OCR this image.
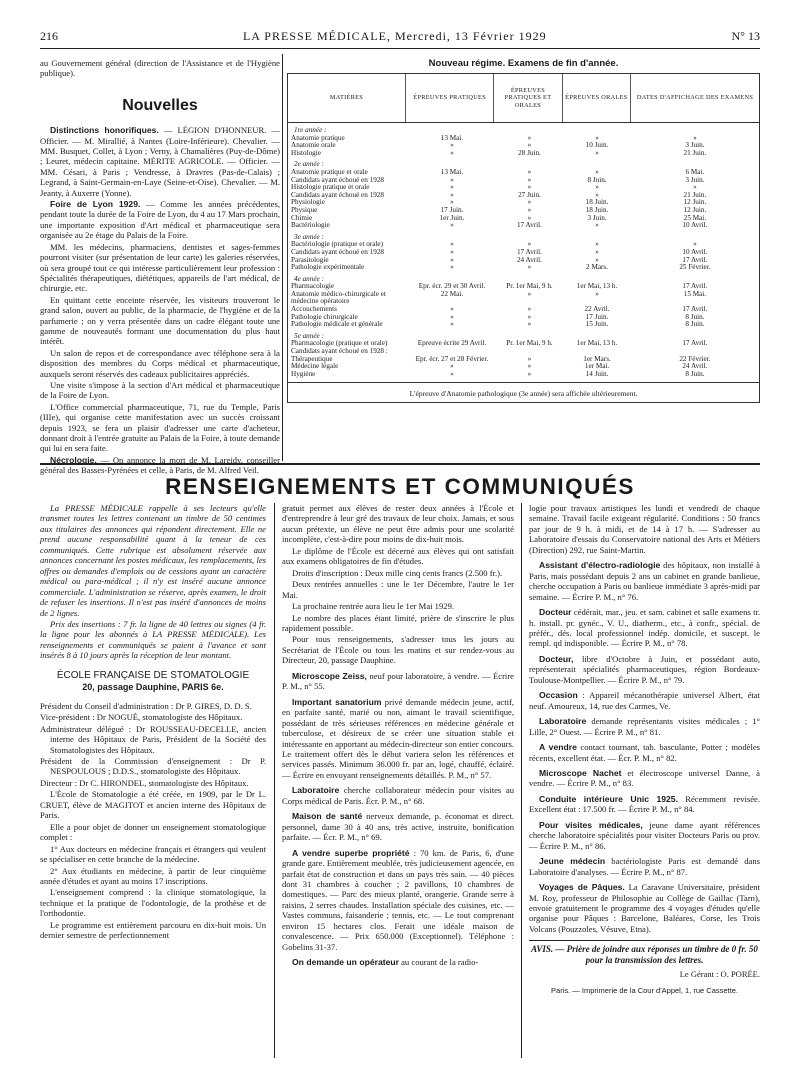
216	LA PRESSE MÉDICALE, Mercredi, 13 Février 1929	N° 13

au Gouvernement général (direction de l'Assistance et de l'Hygiène publique).

Nouvelles

Distinctions honorifiques. — LÉGION D'HONNEUR. — Officier. — M. Mirallié, à Nantes (Loire-Inférieure). Chevalier. — MM. Busquet, Collet, à Lyon ; Verny, à Chamalières (Puy-de-Dôme) ; Leuret, médecin capitaine. MÉRITE AGRICOLE. — Officier. — MM. Césari, à Paris ; Vendresse, à Dravres (Pas-de-Calais) ; Legrand, à Saint-Germain-en-Laye (Seine-et-Oise). Chevalier. — M. Jeanty, à Auxerre (Yonne).

Foire de Lyon 1929. — Comme les années précédentes, pendant toute la durée de la Foire de Lyon, du 4 au 17 Mars prochain, une importante exposition d'Art médical et pharmaceutique sera organisée au 2e étage du Palais de la Foire.

MM. les médecins, pharmaciens, dentistes et sages-femmes pourront visiter (sur présentation de leur carte) les galeries réservées, où sera groupé tout ce qui intéresse particulièrement leur profession : Spécialités thérapeutiques, diététiques, appareils de l'art médical, de chirurgie, etc.

En quittant cette enceinte réservée, les visiteurs trouveront le grand salon, ouvert au public, de la pharmacie, de l'hygiène et de la parfumerie ; on y verra présentée dans un cadre élégant toute une gamme de nouveautés formant une documentation du plus haut intérêt.

Un salon de repos et de correspondance avec téléphone sera à la disposition des membres du Corps médical et pharmaceutique, auxquels seront réservés des cadeaux publicitaires appréciés.

Une visite s'impose à la section d'Art médical et pharmaceutique de la Foire de Lyon.

L'Office commercial pharmaceutique, 71, rue du Temple, Paris (IIIe), qui organise cette manifestation avec un succès croissant depuis 1923, se fera un plaisir d'adresser une carte d'acheteur, donnant droit à l'entrée gratuite au Palais de la Foire, à toute demande qui lui en sera faite.

Nécrologie. — On annonce la mort de M. Lareidy, conseiller général des Basses-Pyrénées et celle, à Paris, de M. Alfred Veil.

Nouveau régime. Examens de fin d'année.
MATIÈRES	ÉPREUVES PRATIQUES
ÉPREUVES PRATIQUES ET ORALES
ÉPREUVES ORALES	DATES D'AFFICHAGE DES EXAMENS
1re année :
Anatomie pratique	13 Mai.	»	»	»
Anatomie orale	»	»	10 Juin.	3 Juin.
Histologie	»	28 Juin.	»	21 Juin.
2e année :
Anatomie pratique et orale	13 Mai.	»	»	6 Mai.
Candidats ayant échoué en 1928	»	»	8 Juin.	3 Juin.
Histologie pratique et orale	»	»	»	»
Candidats ayant échoué en 1928	»	27 Juin.	»	21 Juin.
Physiologie	»	»	18 Juin.	12 Juin.
Physique	17 Juin.	»	18 Juin.	12 Juin.
Chimie	1er Juin.	»	3 Juin.	25 Mai.
Bactériologie	»	17 Avril.	»	10 Avril.
3e année :
Bactériologie (pratique et orale)	»	»	»	»
Candidats ayant échoué en 1928	»	17 Avril.	»	10 Avril.
Parasitologie	»	24 Avril.	»	17 Avril.
Pathologie expérimentale	»	»	2 Mars.	25 Février.
4e année :
Pharmacologie	Épr. écr. 29 et 30 Avril.	Pr. 1er Mai, 9 h.	1er Mai, 13 h.	17 Avril.
Anatomie médico-chirurgicale et médecine opératoire
22 Mai.	»	»	15 Mai.
Accouchements	»	»	22 Avril.	17 Avril.
Pathologie chirurgicale	»	»	17 Juin.	8 Juin.
Pathologie médicale et générale	»	»	15 Juin.	8 Juin.
5e année :
Pharmacologie (pratique et orale)	Épreuve écrite 29 Avril.	Pr. 1er Mai, 9 h.	1er Mai, 13 h.	17 Avril.
Candidats ayant échoué en 1928 :
Thérapeutique	Épr. écr. 27 et 28 Février.	»	1er Mars.	22 Février.
Médecine légale	»	»	1er Mai.	24 Avril.
Hygiène	»	»	14 Juin.	8 Juin.
L'épreuve d'Anatomie pathologique (3e année) sera affichée ultérieurement.
RENSEIGNEMENTS ET COMMUNIQUÉS

La PRESSE MÉDICALE rappelle à ses lecteurs qu'elle transmet toutes les lettres contenant un timbre de 50 centimes aux titulaires des annonces qui répondent directement. Elle ne prend aucune responsabilité quant à la teneur de ces communiqués. Cette rubrique est absolument réservée aux annonces concernant les postes médicaux, les remplacements, les offres ou demandes d'emplois ou de cessions ayant un caractère médical ou para-médical ; il n'y est inséré aucune annonce commerciale. L'administration se réserve, après examen, le droit de refuser les insertions. Il n'est pas inséré d'annonces de moins de 2 lignes.

Prix des insertions : 7 fr. la ligne de 40 lettres ou signes (4 fr. la ligne pour les abonnés à LA PRESSE MÉDICALE). Les renseignements et communiqués se paient à l'avance et sont insérés 8 à 10 jours après la réception de leur montant.

ÉCOLE FRANÇAISE DE STOMATOLOGIE
20, passage Dauphine, PARIS 6e.

Président du Conseil d'administration : Dr P. GIRES, D. D. S.

Vice-président : Dr NOGUÉ, stomatologiste des Hôpitaux.

Administrateur délégué : Dr ROUSSEAU-DECELLE, ancien interne des Hôpitaux de Paris, Président de la Société des Stomatologistes des Hôpitaux.

Président de la Commission d'enseignement : Dr P. NESPOULOUS ; D.D.S., stomatologiste des Hôpitaux.

Directeur : Dr C. HIRONDEL, stomatologiste des Hôpitaux.

L'École de Stomatologie a été créée, en 1909, par le Dr L. CRUET, élève de MAGITOT et ancien interne des Hôpitaux de Paris.

Elle a pour objet de donner un enseignement stomatologique complet :

1° Aux docteurs en médecine français et étrangers qui veulent se spécialiser en cette branche de la médecine.

2° Aux étudiants en médecine, à partir de leur cinquième année d'études et ayant au moins 17 inscriptions.

L'enseignement comprend : la clinique stomatologique, la technique et la pratique de l'odontologie, de la prothèse et de l'orthodontie.

Le programme est entièrement parcouru en dix-huit mois. Un dernier semestre de perfectionnement

gratuit permet aux élèves de rester deux années à l'École et d'entreprendre à leur gré des travaux de leur choix. Jamais, et sous aucun prétexte, un élève ne peut être admis pour une scolarité incomplète, c'est-à-dire pour moins de dix-huit mois.

Le diplôme de l'École est décerné aux élèves qui ont satisfait aux examens obligatoires de fin d'études.

Droits d'inscription : Deux mille cinq cents francs (2.500 fr.).

Deux rentrées annuelles : une le 1er Décembre, l'autre le 1er Mai.

La prochaine rentrée aura lieu le 1er Mai 1929.

Le nombre des places étant limité, prière de s'inscrire le plus rapidement possible.

Pour tous renseignements, s'adresser tous les jours au Secrétariat de l'École ou tous les matins et sur rendez-vous au Directeur, 20, passage Dauphine.

Microscope Zeiss, neuf pour laboratoire, à vendre. — Écrire P. M., n° 55.

Important sanatorium privé demande médecin jeune, actif, en parfaite santé, marié ou non, aimant le travail scientifique, possédant de très sérieuses références en médecine générale et tuberculose, et désireux de se créer une situation stable et intéressante en apportant au médecin-directeur son entier concours. Le traitement offert dès le début variera selon les références et services passés. Minimum 36.000 fr. par an, logé, chauffé, éclairé. — Écrire en envoyant renseignements détaillés. P. M., n° 57.

Laboratoire cherche collaborateur médecin pour visites au Corps médical de Paris. Écr. P. M., n° 68.

Maison de santé nerveux demande, p. économat et direct. personnel, dame 30 à 40 ans, très active, instruite, bonification parfaite. — Écr. P. M., n° 69.

A vendre superbe propriété : 70 km. de Paris, 6, d'une grande gare. Entièrement meublée, très judicieusement agencée, en parfait état de construction et dans un pays très sain. — 40 pièces dont 31 chambres à coucher ; 2 pavillons, 10 chambres de domestiques. — Parc des mieux planté, orangerie. Grande serre à raisins, 2 serres chaudes. Installation spéciale des cuisines, etc. — Vastes communs, faisanderie ; tennis, etc. — Le tout comprenant environ 15 hectares clos. Ferait une idéale maison de convalescence. — Prix 650.000 (Exceptionnel). Téléphone : Gobelins 31-37.

On demande un opérateur au courant de la radio-

logie pour travaux artistiques les lundi et vendredi de chaque semaine. Travail facile exigeant régularité. Conditions : 50 francs par jour de 9 h. à midi, et de 14 à 17 h. — S'adresser au Laboratoire d'essais du Conservatoire national des Arts et Métiers (Direction) 292, rue Saint-Martin.

Assistant d'électro-radiologie des hôpitaux, non installé à Paris, mais possédant depuis 2 ans un cabinet en grande banlieue, cherche occupation à Paris ou banlieue immédiate 3 après-midi par semaine. — Écrire P. M., n° 76.

Docteur cédérait, mar., jeu. et sam. cabinet et salle examens tr. h. install. pr. gynéc., V. U., diatherm., etc., à confr., spécial. de préfér., dés. local professionnel indép. domicile, et suscept. le rempl. qd indisponible. — Écrire P. M., n° 78.

Docteur, libre d'Octobre à Juin, et possédant auto, représenterait spécialités pharmaceutiques, région Bordeaux-Toulouse-Montpellier. — Écrire P. M., n° 79.

Occasion : Appareil mécanothérapie universel Albert, état neuf. Amoureux, 14, rue des Carmes, Ve.

Laboratoire demande représentants visites médicales ; 1° Lille, 2° Ouest. — Écrire P. M., n° 81.

A vendre contact tournant, tab. basculante, Potter ; modèles récents, excellent état. — Écr. P. M., n° 82.

Microscope Nachet et électroscope universel Danne, à vendre. — Écrire P. M., n° 83.

Conduite intérieure Unic 1925. Récemment revisée. Excellent état : 17.500 fr. — Écrire P. M., n° 84.

Pour visites médicales, jeune dame ayant références cherche laboratoire spécialités pour visiter Docteurs Paris ou prov. — Écrire P. M., n° 86.

Jeune médecin bactériologiste Paris est demandé dans Laboratoire d'analyses. — Écrire P. M., n° 87.

Voyages de Pâques. La Caravane Universitaire, président M. Roy, professeur de Philosophie au Collège de Gaillac (Tarn), envoie gratuitement le programme des 4 voyages d'études qu'elle organise pour Pâques : Barcelone, Baléares, Corse, les Trois Volcans (Pouzzoles, Vésuve, Etna).

AVIS. — Prière de joindre aux réponses un timbre de 0 fr. 50 pour la transmission des lettres.
Le Gérant : O. PORÉE.
Paris. — Imprimerie de la Cour d'Appel, 1, rue Cassette.
